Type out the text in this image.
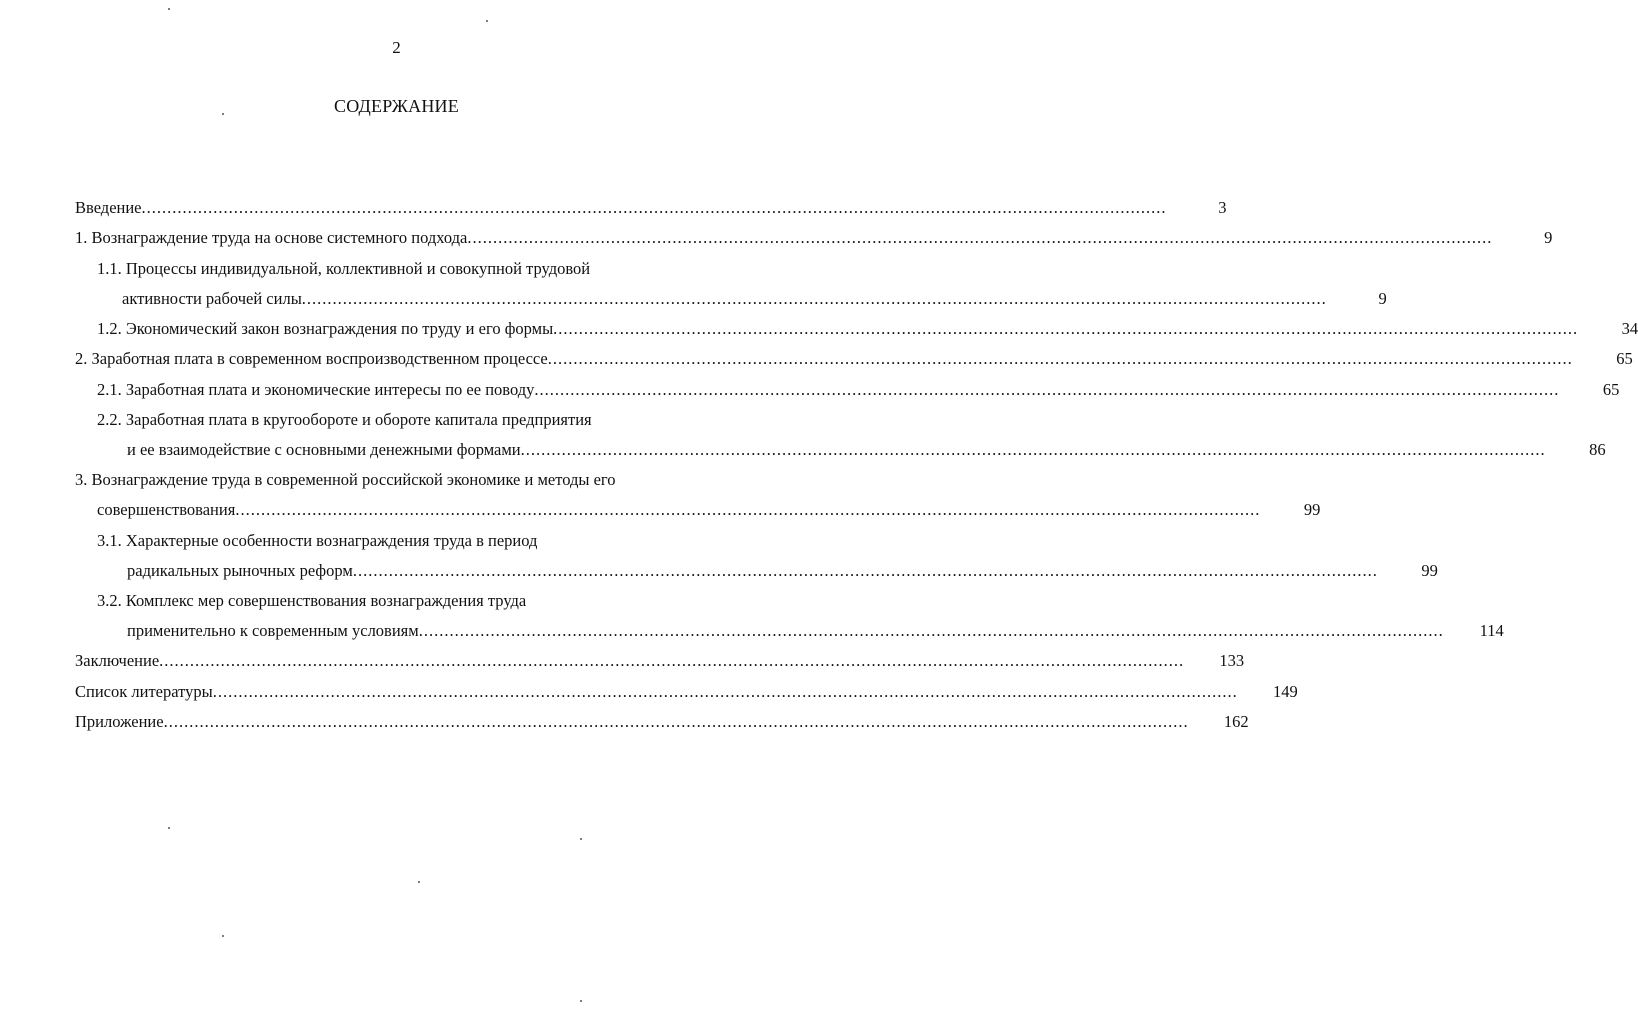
2
СОДЕРЖАНИЕ
Введение ........................................................................................................................................................................................................	3
1. Вознаграждение труда на основе системного подхода ........................................................................................................................................................................................................	9
1.1. Процессы индивидуальной, коллективной и совокупной трудовой
активности рабочей силы ........................................................................................................................................................................................................	9
1.2. Экономический закон вознаграждения по труду и его формы ........................................................................................................................................................................................................	34
2. Заработная плата в современном воспроизводственном процессе ........................................................................................................................................................................................................	65
2.1. Заработная плата и экономические интересы по ее поводу ........................................................................................................................................................................................................	65
2.2. Заработная плата в кругообороте и обороте капитала предприятия
и ее взаимодействие с основными денежными формами ........................................................................................................................................................................................................	86
3. Вознаграждение труда в современной российской экономике и методы его
совершенствования ........................................................................................................................................................................................................	99
3.1. Характерные особенности вознаграждения труда в период
радикальных рыночных реформ ........................................................................................................................................................................................................	99
3.2. Комплекс мер совершенствования вознаграждения труда
применительно к современным условиям ........................................................................................................................................................................................................	114
Заключение ........................................................................................................................................................................................................	133
Список литературы ........................................................................................................................................................................................................	149
Приложение ........................................................................................................................................................................................................	162
